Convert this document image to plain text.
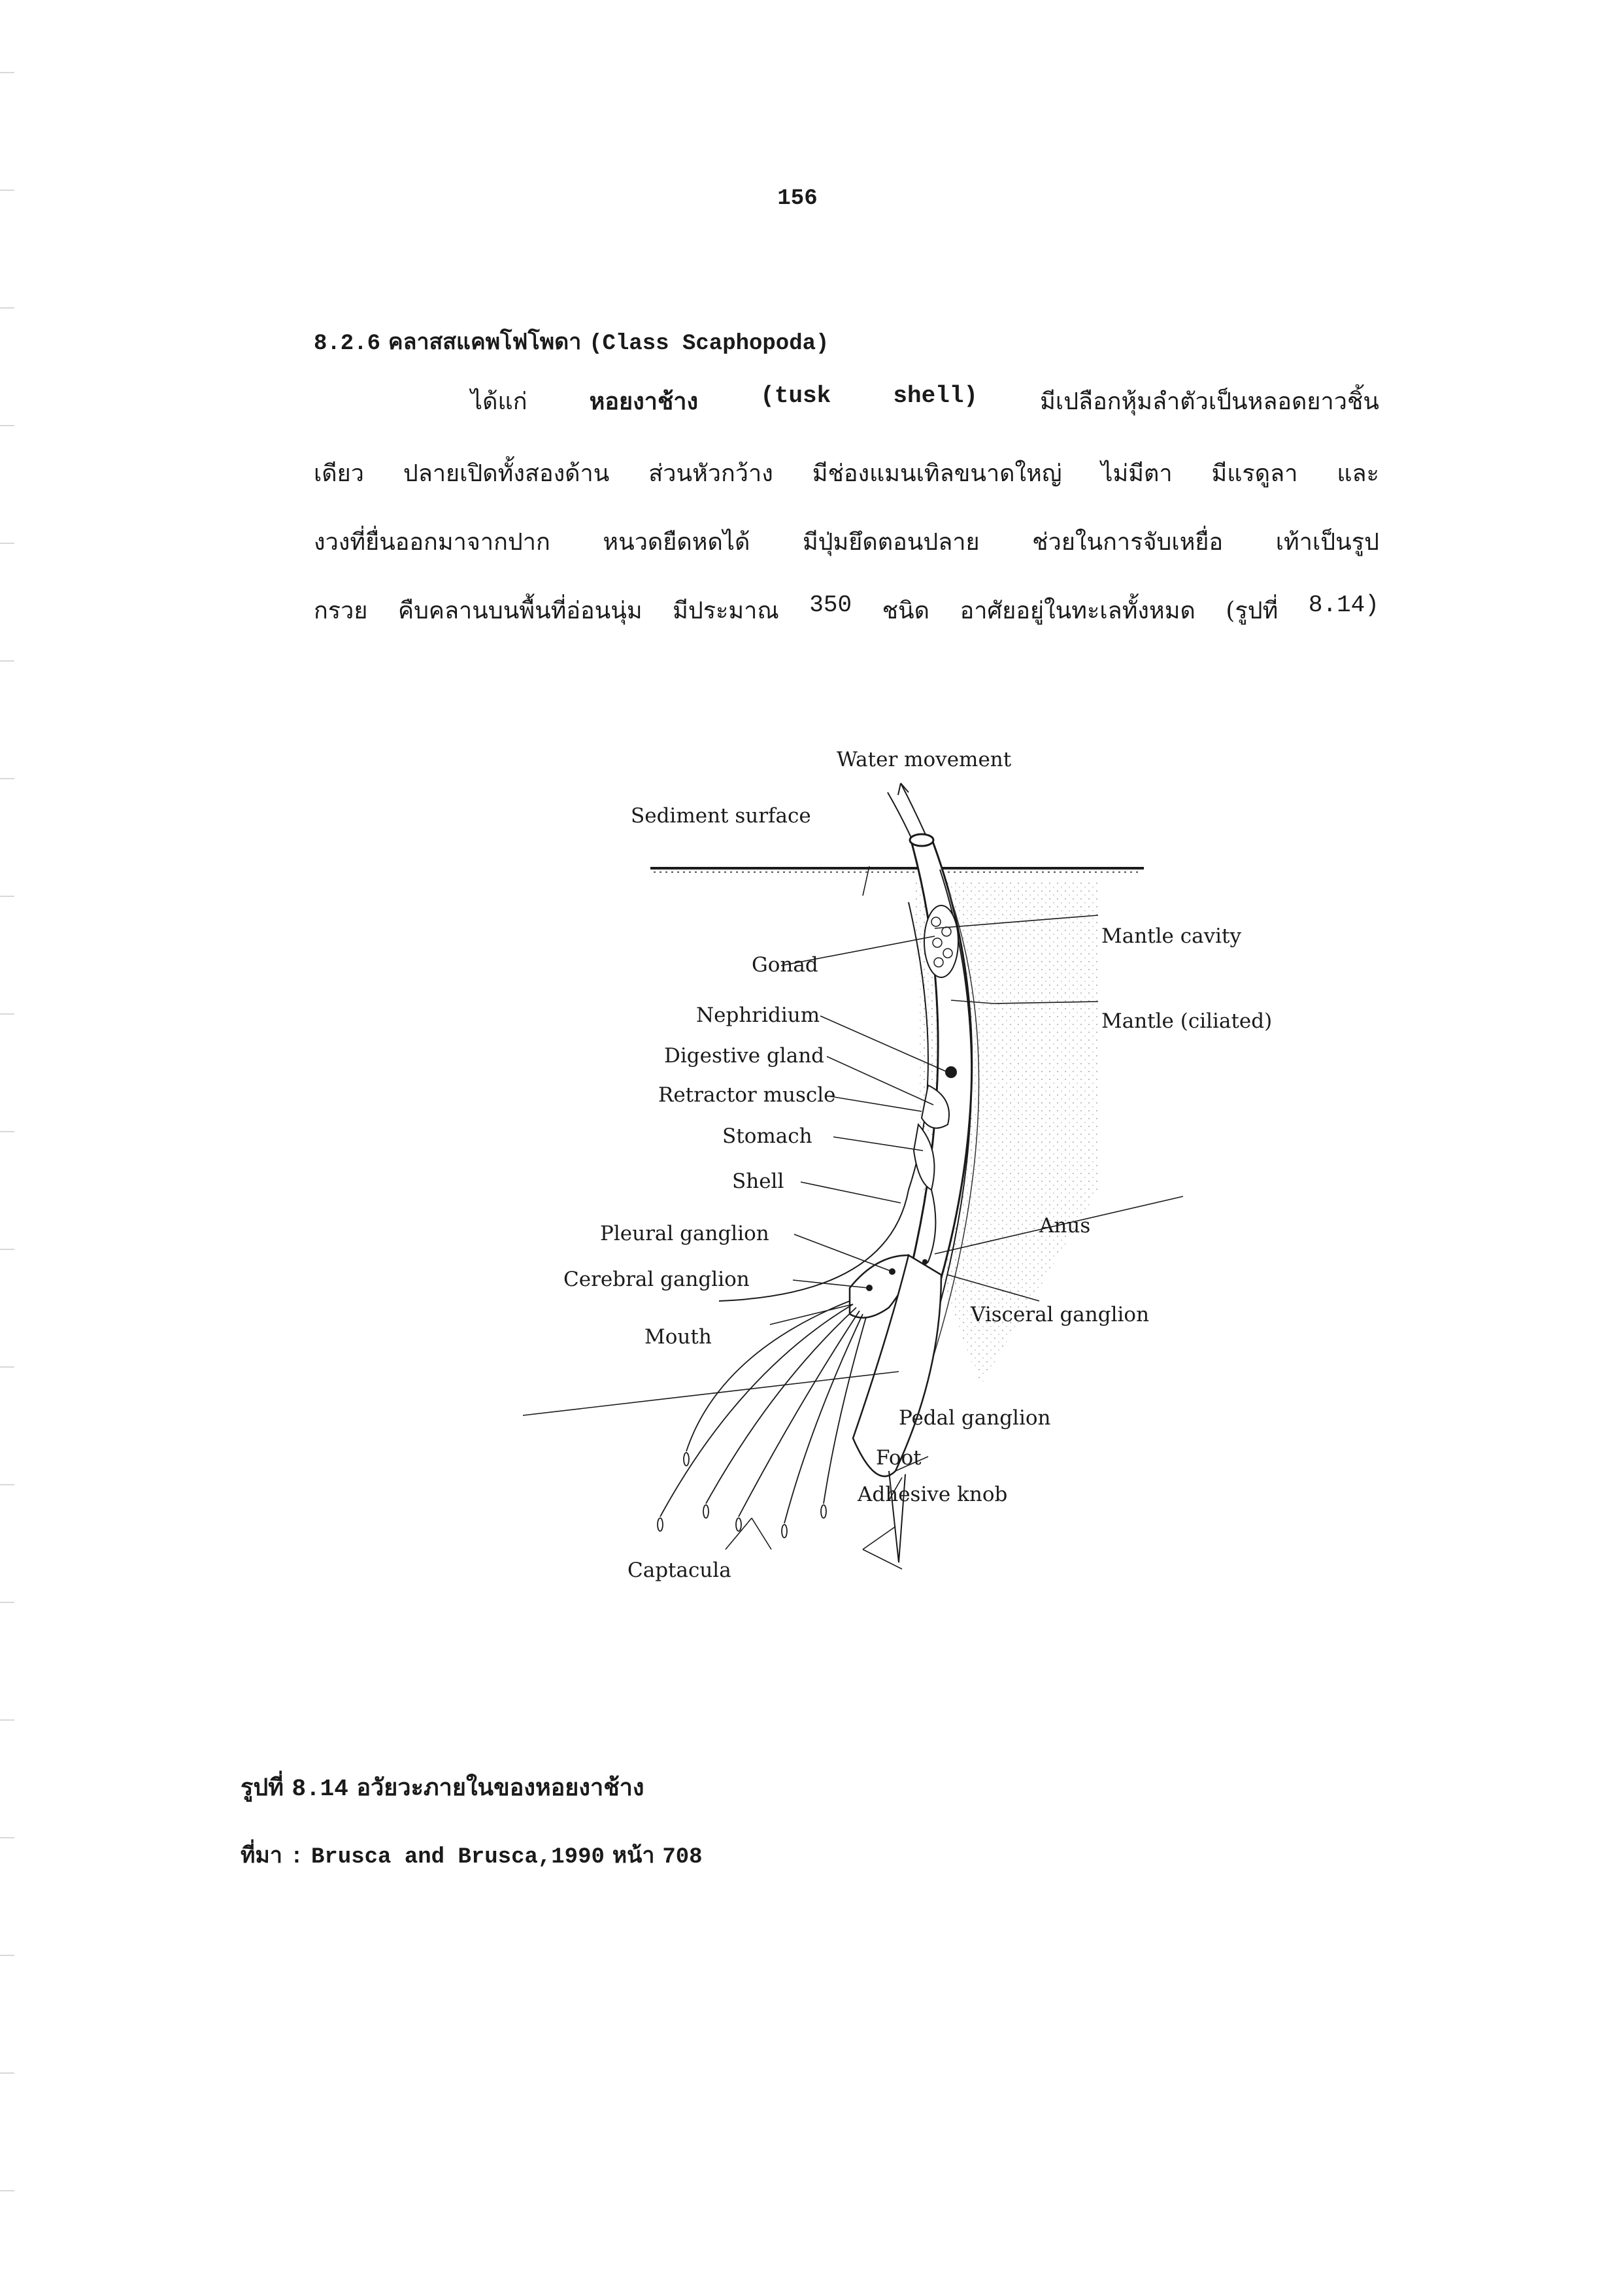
156
8.2.6 คลาสสแคพโฟโพดา (Class Scaphopoda)
ได้แก่	หอยงาช้าง	(tusk	shell)	มีเปลือกหุ้มลำตัวเป็นหลอดยาวชิ้น
เดียว ปลายเปิดทั้งสองด้าน ส่วนหัวกว้าง มีช่องแมนเทิลขนาดใหญ่ ไม่มีตา มีแรดูลา และ
งวงที่ยื่นออกมาจากปาก หนวดยืดหดได้ มีปุ่มยึดตอนปลาย ช่วยในการจับเหยื่อ เท้าเป็นรูป
กรวย คืบคลานบนพื้นที่อ่อนนุ่ม มีประมาณ 350 ชนิด อาศัยอยู่ในทะเลทั้งหมด (รูปที่ 8.14)
Water movement
Sediment surface
Gonad
Nephridium
Digestive gland
Retractor muscle
Stomach
Shell
Pleural ganglion
Cerebral ganglion
Mouth
Captacula
Mantle cavity
Mantle (ciliated)
Anus
Visceral ganglion
Pedal ganglion
Foot
Adhesive knob
รูปที่ 8.14 อวัยวะภายในของหอยงาช้าง
ที่มา : Brusca and Brusca,1990 หน้า 708
